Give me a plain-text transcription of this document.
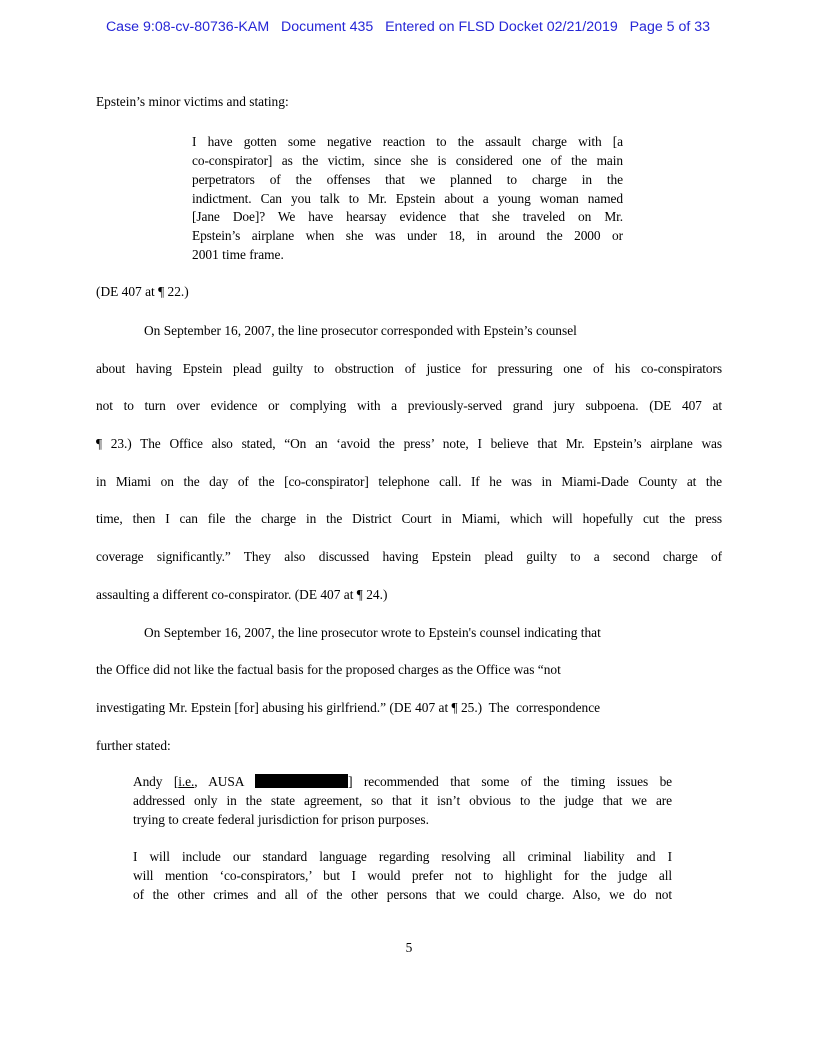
Case 9:08-cv-80736-KAM   Document 435   Entered on FLSD Docket 02/21/2019   Page 5 of 33
Epstein’s minor victims and stating:
I have gotten some negative reaction to the assault charge with [a
co-conspirator] as the victim, since she is considered one of the main
perpetrators of the offenses that we planned to charge in the
indictment. Can you talk to Mr. Epstein about a young woman named
[Jane Doe]? We have hearsay evidence that she traveled on Mr.
Epstein’s airplane when she was under 18, in around the 2000 or
2001 time frame.
(DE 407 at ¶ 22.)
On September 16, 2007, the line prosecutor corresponded with Epstein’s counsel
about having Epstein plead guilty to obstruction of justice for pressuring one of his co-conspirators
not to turn over evidence or complying with a previously-served grand jury subpoena. (DE 407 at
¶ 23.) The Office also stated, “On an ‘avoid the press’ note, I believe that Mr. Epstein’s airplane was
in Miami on the day of the [co-conspirator] telephone call. If he was in Miami-Dade County at the
time, then I can file the charge in the District Court in Miami, which will hopefully cut the press
coverage significantly.” They also discussed having Epstein plead guilty to a second charge of
assaulting a different co-conspirator. (DE 407 at ¶ 24.)
On September 16, 2007, the line prosecutor wrote to Epstein's counsel indicating that
the Office did not like the factual basis for the proposed charges as the Office was “not
investigating Mr. Epstein [for] abusing his girlfriend.” (DE 407 at ¶ 25.)  The  correspondence
further stated:
Andy [i.e., AUSA	] recommended that some of the timing issues be
addressed only in the state agreement, so that it isn’t obvious to the judge that we are
trying to create federal jurisdiction for prison purposes.
I will include our standard language regarding resolving all criminal liability and I
will mention ‘co-conspirators,’ but I would prefer not to highlight for the judge all
of the other crimes and all of the other persons that we could charge. Also, we do not
5
